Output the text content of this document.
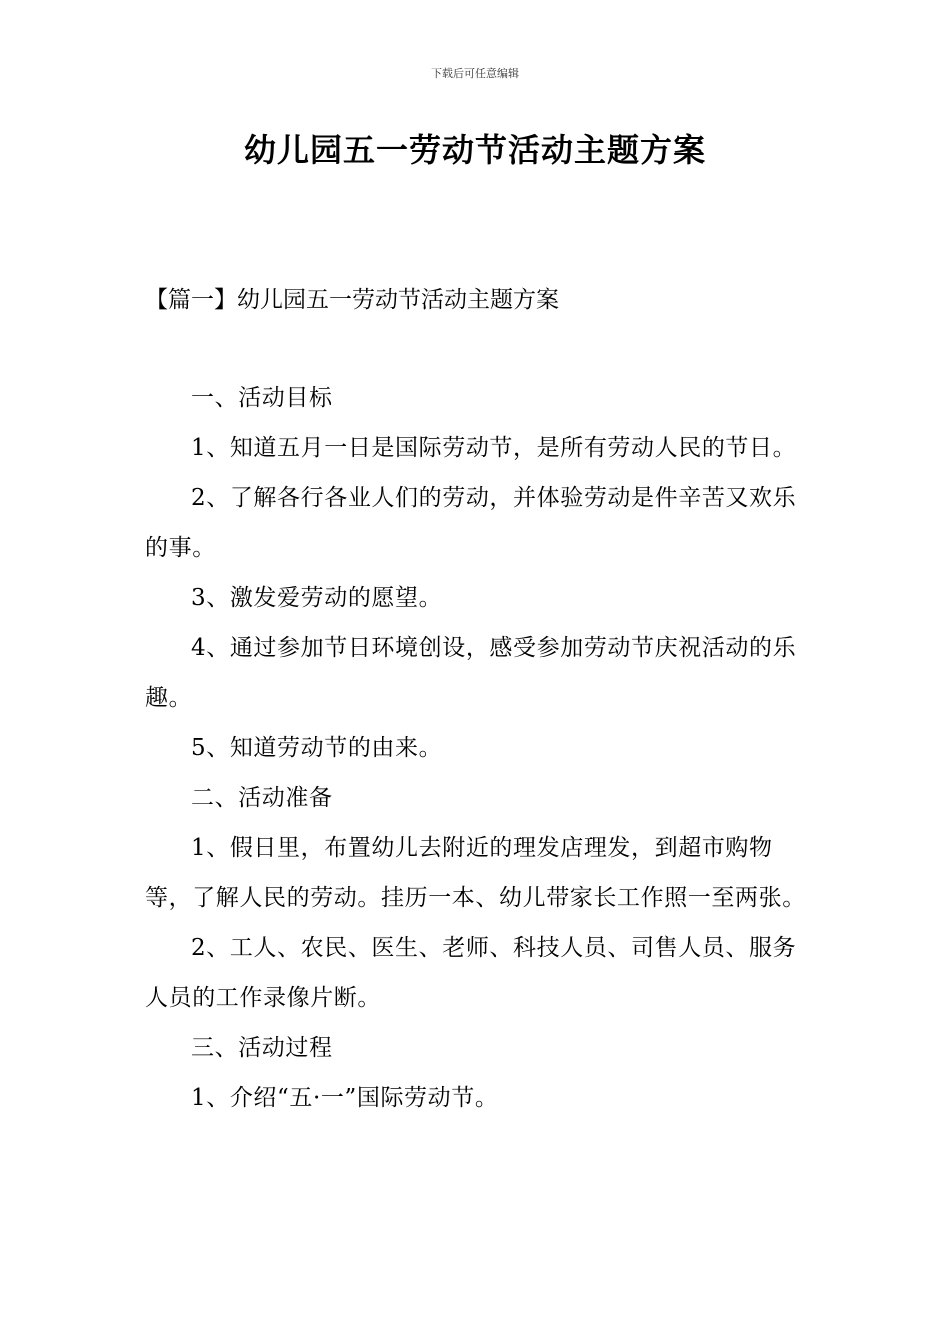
下载后可任意编辑
幼儿园五一劳动节活动主题方案
【篇一】幼儿园五一劳动节活动主题方案

一、活动目标

1、知道五月一日是国际劳动节，是所有劳动人民的节日。

2、了解各行各业人们的劳动，并体验劳动是件辛苦又欢乐的事。

3、激发爱劳动的愿望。

4、通过参加节日环境创设，感受参加劳动节庆祝活动的乐趣。

5、知道劳动节的由来。

二、活动准备

1、假日里，布置幼儿去附近的理发店理发，到超市购物等，了解人民的劳动。挂历一本、幼儿带家长工作照一至两张。

2、工人、农民、医生、老师、科技人员、司售人员、服务人员的工作录像片断。

三、活动过程

1、介绍“五·一”国际劳动节。
